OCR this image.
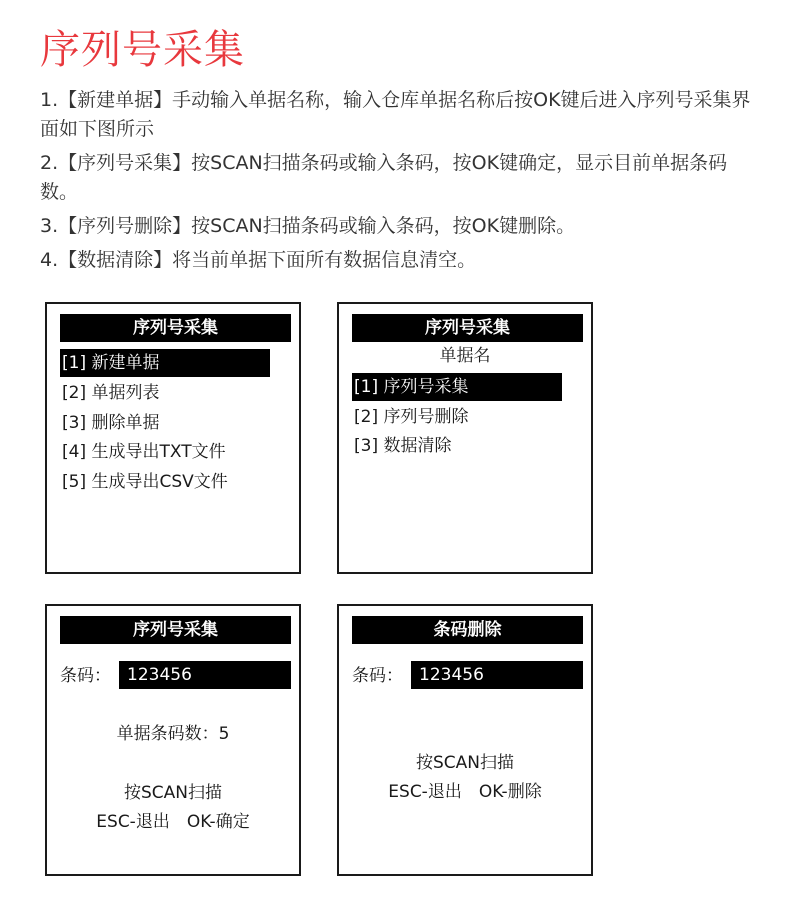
序列号采集
1.【新建单据】手动输入单据名称，输入仓库单据名称后按OK键后进入序列号采集界面如下图所示
2.【序列号采集】按SCAN扫描条码或输入条码，按OK键确定，显示目前单据条码数。
3.【序列号删除】按SCAN扫描条码或输入条码，按OK键删除。
4.【数据清除】将当前单据下面所有数据信息清空。
序列号采集
[1] 新建单据
[2] 单据列表
[3] 删除单据
[4] 生成导出TXT文件
[5] 生成导出CSV文件
序列号采集
单据名
[1] 序列号采集
[2] 序列号删除
[3] 数据清除
序列号采集
条码： 123456
单据条码数：5
按SCAN扫描
ESC-退出　OK-确定
条码删除
条码： 123456
按SCAN扫描
ESC-退出　OK-删除
